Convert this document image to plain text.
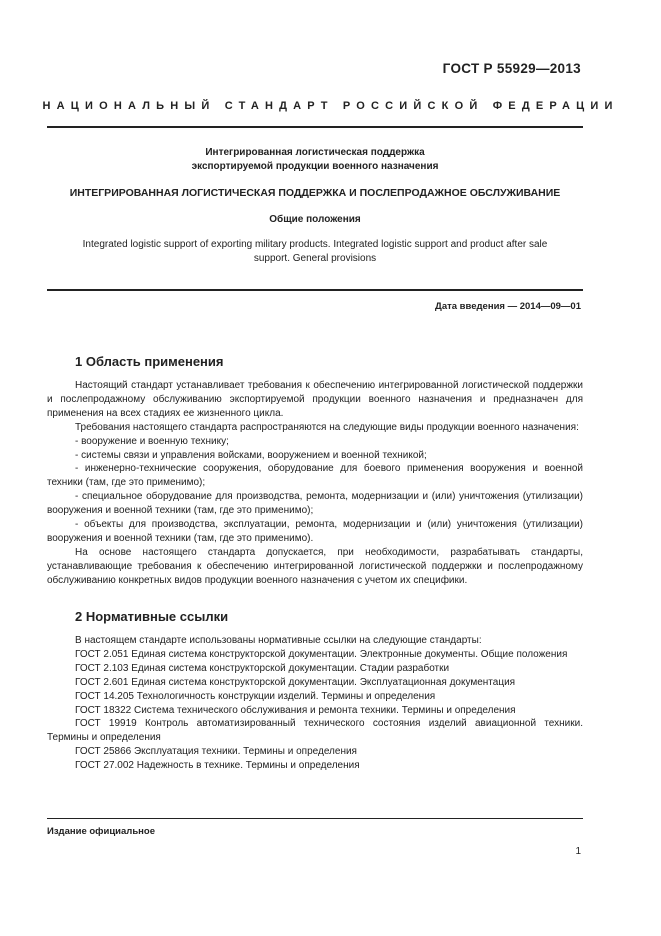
ГОСТ Р 55929—2013
НАЦИОНАЛЬНЫЙ СТАНДАРТ РОССИЙСКОЙ ФЕДЕРАЦИИ
Интегрированная логистическая поддержка
экспортируемой продукции военного назначения
ИНТЕГРИРОВАННАЯ ЛОГИСТИЧЕСКАЯ ПОДДЕРЖКА И ПОСЛЕПРОДАЖНОЕ ОБСЛУЖИВАНИЕ
Общие положения
Integrated logistic support of exporting military products. Integrated logistic support and product after sale
support. General provisions
Дата введения — 2014—09—01
1 Область применения

Настоящий стандарт устанавливает требования к обеспечению интегрированной логистической поддержки и послепродажному обслуживанию экспортируемой продукции военного назначения и предназначен для применения на всех стадиях ее жизненного цикла.

Требования настоящего стандарта распространяются на следующие виды продукции военного назначения:

- вооружение и военную технику;

- системы связи и управления войсками, вооружением и военной техникой;

- инженерно-технические сооружения, оборудование для боевого применения вооружения и военной техники (там, где это применимо);

- специальное оборудование для производства, ремонта, модернизации и (или) уничтожения (утилизации) вооружения и военной техники (там, где это применимо);

- объекты для производства, эксплуатации, ремонта, модернизации и (или) уничтожения (утилизации) вооружения и военной техники (там, где это применимо).

На основе настоящего стандарта допускается, при необходимости, разрабатывать стандарты, устанавливающие требования к обеспечению интегрированной логистической поддержки и послепродажному обслуживанию конкретных видов продукции военного назначения с учетом их специфики.

2 Нормативные ссылки

В настоящем стандарте использованы нормативные ссылки на следующие стандарты:

ГОСТ 2.051 Единая система конструкторской документации. Электронные документы. Общие положения

ГОСТ 2.103 Единая система конструкторской документации. Стадии разработки

ГОСТ 2.601 Единая система конструкторской документации. Эксплуатационная документация

ГОСТ 14.205 Технологичность конструкции изделий. Термины и определения

ГОСТ 18322 Система технического обслуживания и ремонта техники. Термины и определения

ГОСТ 19919 Контроль автоматизированный технического состояния изделий авиационной техники. Термины и определения

ГОСТ 25866 Эксплуатация техники. Термины и определения

ГОСТ 27.002 Надежность в технике. Термины и определения

Издание официальное
1
